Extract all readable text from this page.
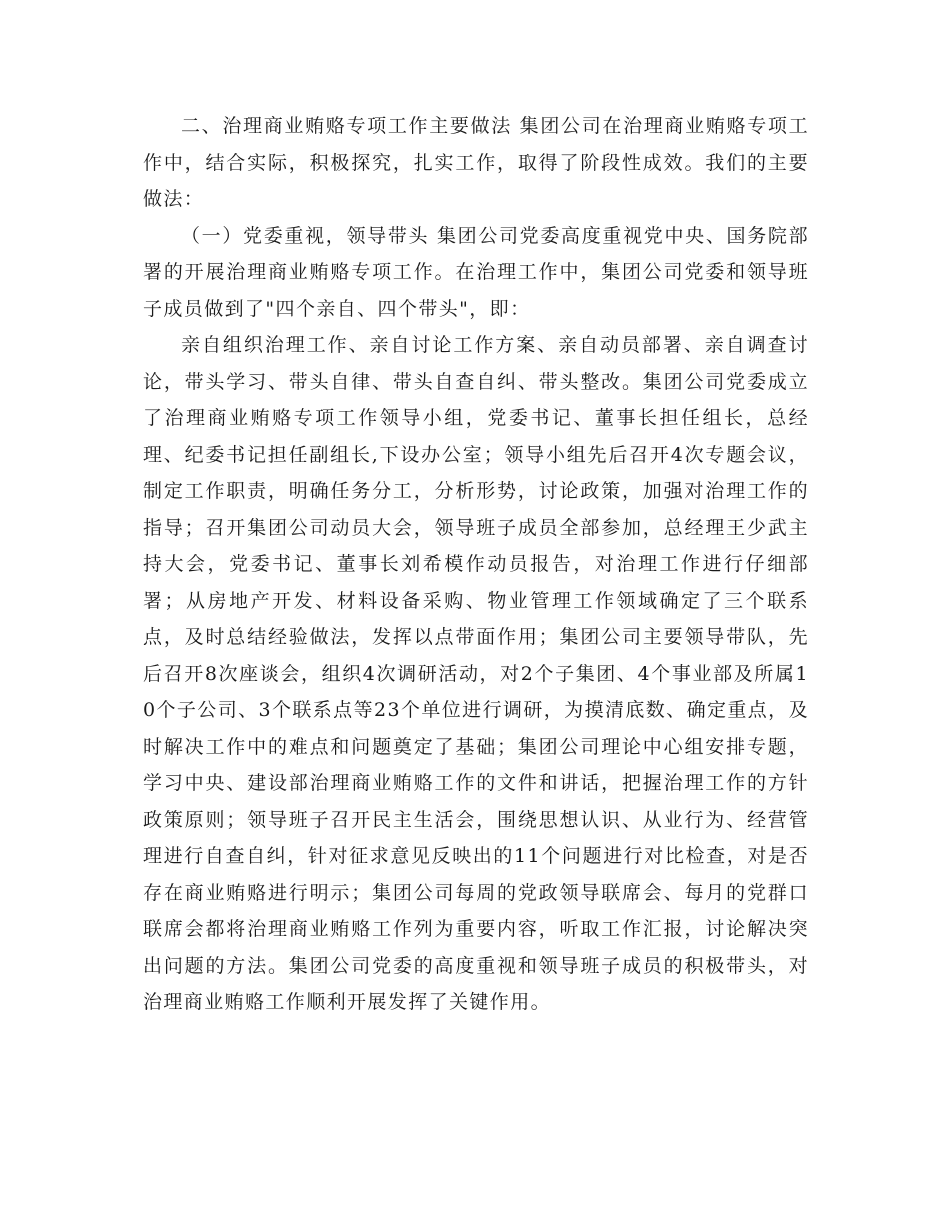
二、治理商业贿赂专项工作主要做法 集团公司在治理商业贿赂专项工作中，结合实际，积极探究，扎实工作，取得了阶段性成效。我们的主要做法：

（一）党委重视，领导带头 集团公司党委高度重视党中央、国务院部署的开展治理商业贿赂专项工作。在治理工作中，集团公司党委和领导班子成员做到了"四个亲自、四个带头"，即：

亲自组织治理工作、亲自讨论工作方案、亲自动员部署、亲自调查讨论，带头学习、带头自律、带头自查自纠、带头整改。集团公司党委成立了治理商业贿赂专项工作领导小组，党委书记、董事长担任组长，总经理、纪委书记担任副组长,下设办公室；领导小组先后召开4次专题会议，制定工作职责，明确任务分工，分析形势，讨论政策，加强对治理工作的指导；召开集团公司动员大会，领导班子成员全部参加，总经理王少武主持大会，党委书记、董事长刘希模作动员报告，对治理工作进行仔细部署；从房地产开发、材料设备采购、物业管理工作领域确定了三个联系点，及时总结经验做法，发挥以点带面作用；集团公司主要领导带队，先后召开8次座谈会，组织4次调研活动，对2个子集团、4个事业部及所属10个子公司、3个联系点等23个单位进行调研，为摸清底数、确定重点，及时解决工作中的难点和问题奠定了基础；集团公司理论中心组安排专题，学习中央、建设部治理商业贿赂工作的文件和讲话，把握治理工作的方针政策原则；领导班子召开民主生活会，围绕思想认识、从业行为、经营管理进行自查自纠，针对征求意见反映出的11个问题进行对比检查，对是否存在商业贿赂进行明示；集团公司每周的党政领导联席会、每月的党群口联席会都将治理商业贿赂工作列为重要内容，听取工作汇报，讨论解决突出问题的方法。集团公司党委的高度重视和领导班子成员的积极带头，对治理商业贿赂工作顺利开展发挥了关键作用。
